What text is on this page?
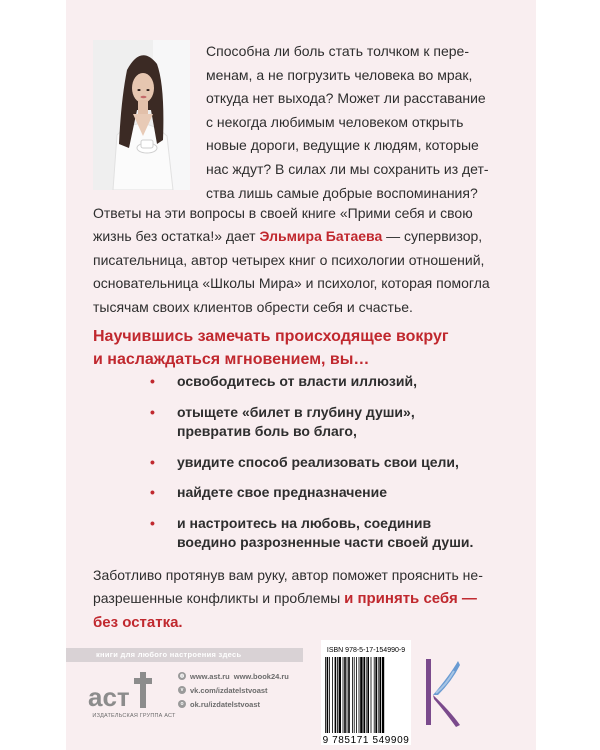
Способна ли боль стать толчком к пере-
менам, а не погрузить человека во мрак,
откуда нет выхода? Может ли расставание
с некогда любимым человеком открыть
новые дороги, ведущие к людям, которые
нас ждут? В силах ли мы сохранить из дет-
ства лишь самые добрые воспоминания?
Ответы на эти вопросы в своей книге «Прими себя и свою
жизнь без остатка!» дает Эльмира Батаева — супервизор,
писательница, автор четырех книг о психологии отношений,
основательница «Школы Мира» и психолог, которая помогла
тысячам своих клиентов обрести себя и счастье.
Научившись замечать происходящее вокруг
и наслаждаться мгновением, вы…
• освободитесь от власти иллюзий,
• отыщете «билет в глубину души», превратив боль во благо,
• увидите способ реализовать свои цели,
• найдете свое предназначение
• и настроитесь на любовь, соединив воедино разрозненные части своей души.
Заботливо протянув вам руку, автор поможет прояснить не-
разрешенные конфликты и проблемы и принять себя —
без остатка.
книги для любого настроения здесь
аст
ИЗДАТЕЛЬСКАЯ ГРУППА АСТ
◍ www.ast.ru www.book24.ru
v vk.com/izdatelstvoast
o ok.ru/izdatelstvoast
ISBN 978-5-17-154990-9
9 785171 549909
K
